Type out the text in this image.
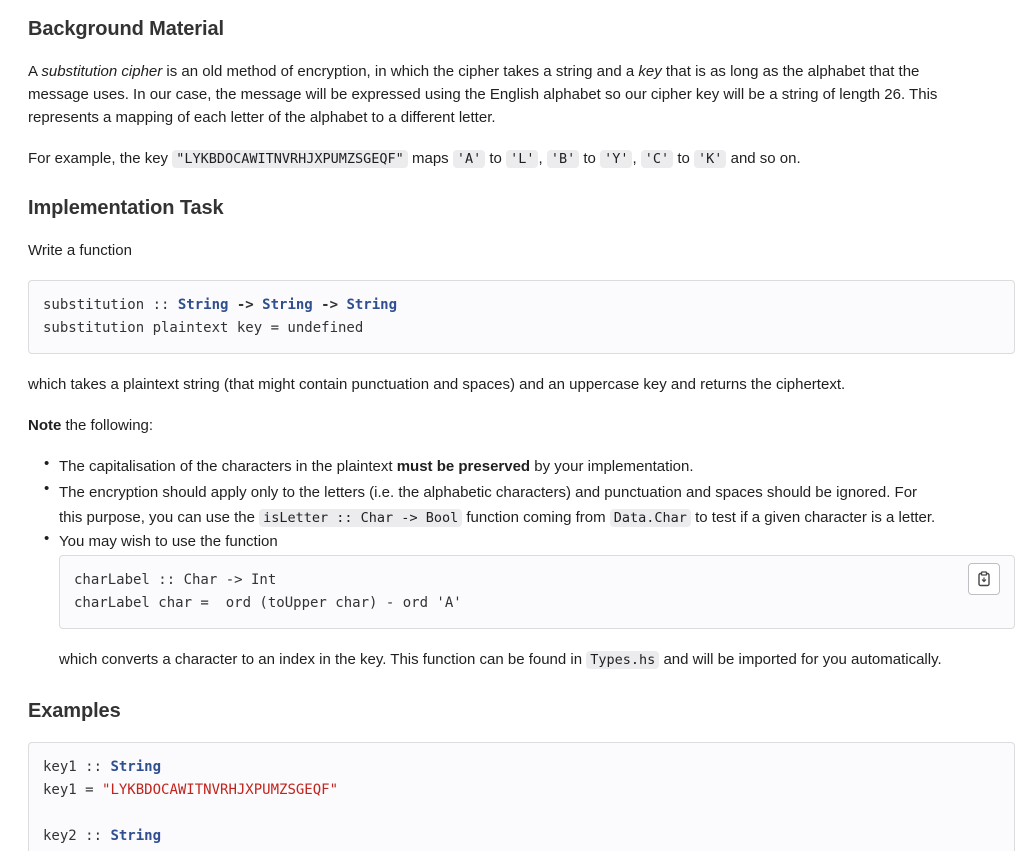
Background Material
A substitution cipher is an old method of encryption, in which the cipher takes a string and a key that is as long as the alphabet that the
message uses. In our case, the message will be expressed using the English alphabet so our cipher key will be a string of length 26. This
represents a mapping of each letter of the alphabet to a different letter.
For example, the key "LYKBDOCAWITNVRHJXPUMZSGEQF" maps 'A' to 'L' , 'B' to 'Y' , 'C' to 'K' and so on.
Implementation Task
Write a function
substitution :: String -> String -> String
substitution plaintext key = undefined
which takes a plaintext string (that might contain punctuation and spaces) and an uppercase key and returns the ciphertext.
Note the following:
• The capitalisation of the characters in the plaintext must be preserved by your implementation.
• The encryption should apply only to the letters (i.e. the alphabetic characters) and punctuation and spaces should be ignored. For
this purpose, you can use the isLetter :: Char -> Bool function coming from Data.Char to test if a given character is a letter.
• You may wish to use the function
charLabel :: Char -> Int
charLabel char =  ord (toUpper char) - ord 'A'
which converts a character to an index in the key. This function can be found in Types.hs and will be imported for you automatically.
Examples
key1 :: String
key1 = "LYKBDOCAWITNVRHJXPUMZSGEQF"

key2 :: String
